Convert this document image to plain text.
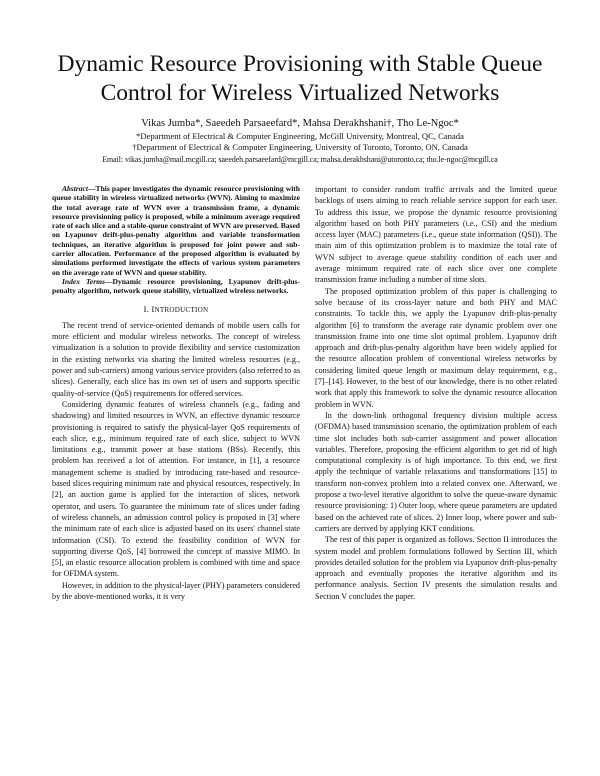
Dynamic Resource Provisioning with Stable Queue Control for Wireless Virtualized Networks
Vikas Jumba*, Saeedeh Parsaeefard*, Mahsa Derakhshani†, Tho Le-Ngoc*
*Department of Electrical & Computer Engineering, McGill University, Montreal, QC, Canada
†Department of Electrical & Computer Engineering, University of Toronto, Toronto, ON, Canada
Email: vikas.jumba@mail.mcgill.ca; saeedeh.parsaeefard@mcgill.ca; mahsa.derakhshani@utoronto.ca; tho.le-ngoc@mcgill.ca

Abstract—This paper investigates the dynamic resource provisioning with queue stability in wireless virtualized networks (WVN). Aiming to maximize the total average rate of WVN over a transmission frame, a dynamic resource provisioning policy is proposed, while a minimum average required rate of each slice and a stable-queue constraint of WVN are preserved. Based on Lyapunov drift-plus-penalty algorithm and variable transformation techniques, an iterative algorithm is proposed for joint power and sub-carrier allocation. Performance of the proposed algorithm is evaluated by simulations performed investigate the effects of various system parameters on the average rate of WVN and queue stability.

Index Terms—Dynamic resource provisioning, Lyapunov drift-plus-penalty algorithm, network queue stability, virtualized wireless networks.

I. INTRODUCTION

The recent trend of service-oriented demands of mobile users calls for more efficient and modular wireless networks. The concept of wireless virtualization is a solution to provide flexibility and service customization in the existing networks via sharing the limited wireless resources (e.g., power and sub-carriers) among various service providers (also referred to as slices). Generally, each slice has its own set of users and supports specific quality-of-service (QoS) requirements for offered services.

Considering dynamic features of wireless channels (e.g., fading and shadowing) and limited resources in WVN, an effective dynamic resource provisioning is required to satisfy the physical-layer QoS requirements of each slice, e.g., minimum required rate of each slice, subject to WVN limitations e.g., transmit power at base stations (BSs). Recently, this problem has received a lot of attention. For instance, in [1], a resource management scheme is studied by introducing rate-based and resource-based slices requiring minimum rate and physical resources, respectively. In [2], an auction game is applied for the interaction of slices, network operator, and users. To guarantee the minimum rate of slices under fading of wireless channels, an admission control policy is proposed in [3] where the minimum rate of each slice is adjusted based on its users' channel state information (CSI). To extend the feasibility condition of WVN for supporting diverse QoS, [4] borrowed the concept of massive MIMO. In [5], an elastic resource allocation problem is combined with time and space for OFDMA system.

However, in addition to the physical-layer (PHY) parameters considered by the above-mentioned works, it is very

important to consider random traffic arrivals and the limited queue backlogs of users aiming to reach reliable service support for each user. To address this issue, we propose the dynamic resource provisioning algorithm based on both PHY parameters (i.e., CSI) and the medium access layer (MAC) parameters (i.e., queue state information (QSI)). The main aim of this optimization problem is to maximize the total rate of WVN subject to average queue stability condition of each user and average minimum required rate of each slice over one complete transmission frame including a number of time slots.

The proposed optimization problem of this paper is challenging to solve because of its cross-layer nature and both PHY and MAC constraints. To tackle this, we apply the Lyapunov drift-plus-penalty algorithm [6] to transform the average rate dynamic problem over one transmission frame into one time slot optimal problem. Lyapunov drift approach and drift-plus-penalty algorithm have been widely applied for the resource allocation problem of conventional wireless networks by considering limited queue length or maximum delay requirement, e.g., [7]–[14]. However, to the best of our knowledge, there is no other related work that apply this framework to solve the dynamic resource allocation problem in WVN.

In the down-link orthogonal frequency division multiple access (OFDMA) based transmission scenario, the optimization problem of each time slot includes both sub-carrier assignment and power allocation variables. Therefore, proposing the efficient algorithm to get rid of high computational complexity is of high importance. To this end, we first apply the technique of variable relaxations and transformations [15] to transform non-convex problem into a related convex one. Afterward, we propose a two-level iterative algorithm to solve the queue-aware dynamic resource provisioning: 1) Outer loop, where queue parameters are updated based on the achieved rate of slices. 2) Inner loop, where power and sub-carriers are derived by applying KKT conditions.

The rest of this paper is organized as follows. Section II introduces the system model and problem formulations followed by Section III, which provides detailed solution for the problem via Lyapunov drift-plus-penalty approach and eventually proposes the iterative algorithm and its performance analysis. Section IV presents the simulation results and Section V concludes the paper.
